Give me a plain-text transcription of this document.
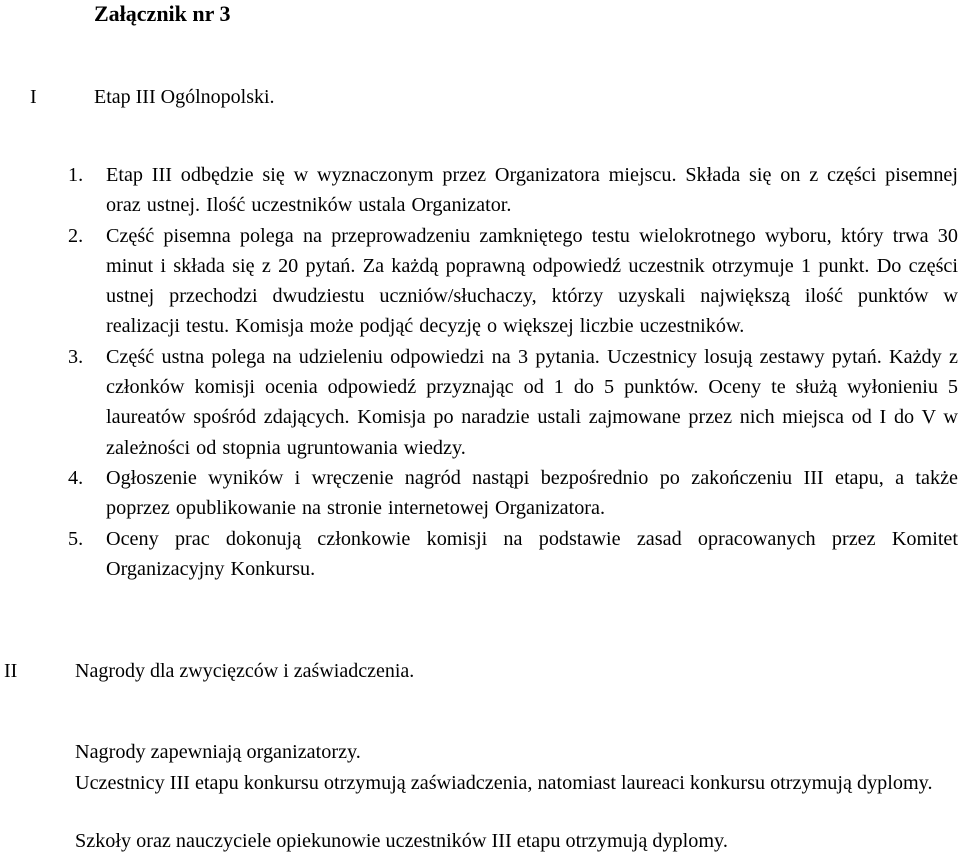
Załącznik nr 3
I	Etap III Ogólnopolski.
1.	Etap III odbędzie się w wyznaczonym przez Organizatora miejscu. Składa się on z części pisemnej oraz ustnej. Ilość uczestników ustala Organizator.
2.	Część pisemna polega na przeprowadzeniu zamkniętego testu wielokrotnego wyboru, który trwa 30 minut i składa się z 20 pytań. Za każdą poprawną odpowiedź uczestnik otrzymuje 1 punkt. Do części ustnej przechodzi dwudziestu uczniów/słuchaczy, którzy uzyskali największą ilość punktów w realizacji testu. Komisja może podjąć decyzję o większej liczbie uczestników.
3.	Część ustna polega na udzieleniu odpowiedzi na 3 pytania. Uczestnicy losują zestawy pytań. Każdy z członków komisji ocenia odpowiedź przyznając od 1 do 5 punktów. Oceny te służą wyłonieniu 5 laureatów spośród zdających. Komisja po naradzie ustali zajmowane przez nich miejsca od I do V w zależności od stopnia ugruntowania wiedzy.
4.	Ogłoszenie wyników i wręczenie nagród nastąpi bezpośrednio po zakończeniu III etapu, a także poprzez opublikowanie na stronie internetowej Organizatora.
5.	Oceny prac dokonują członkowie komisji na podstawie zasad opracowanych przez Komitet Organizacyjny Konkursu.
II	Nagrody dla zwycięzców i zaświadczenia.
Nagrody zapewniają organizatorzy.
Uczestnicy III etapu konkursu otrzymują zaświadczenia, natomiast laureaci konkursu otrzymują dyplomy.
Szkoły oraz nauczyciele opiekunowie uczestników III etapu otrzymują dyplomy.
